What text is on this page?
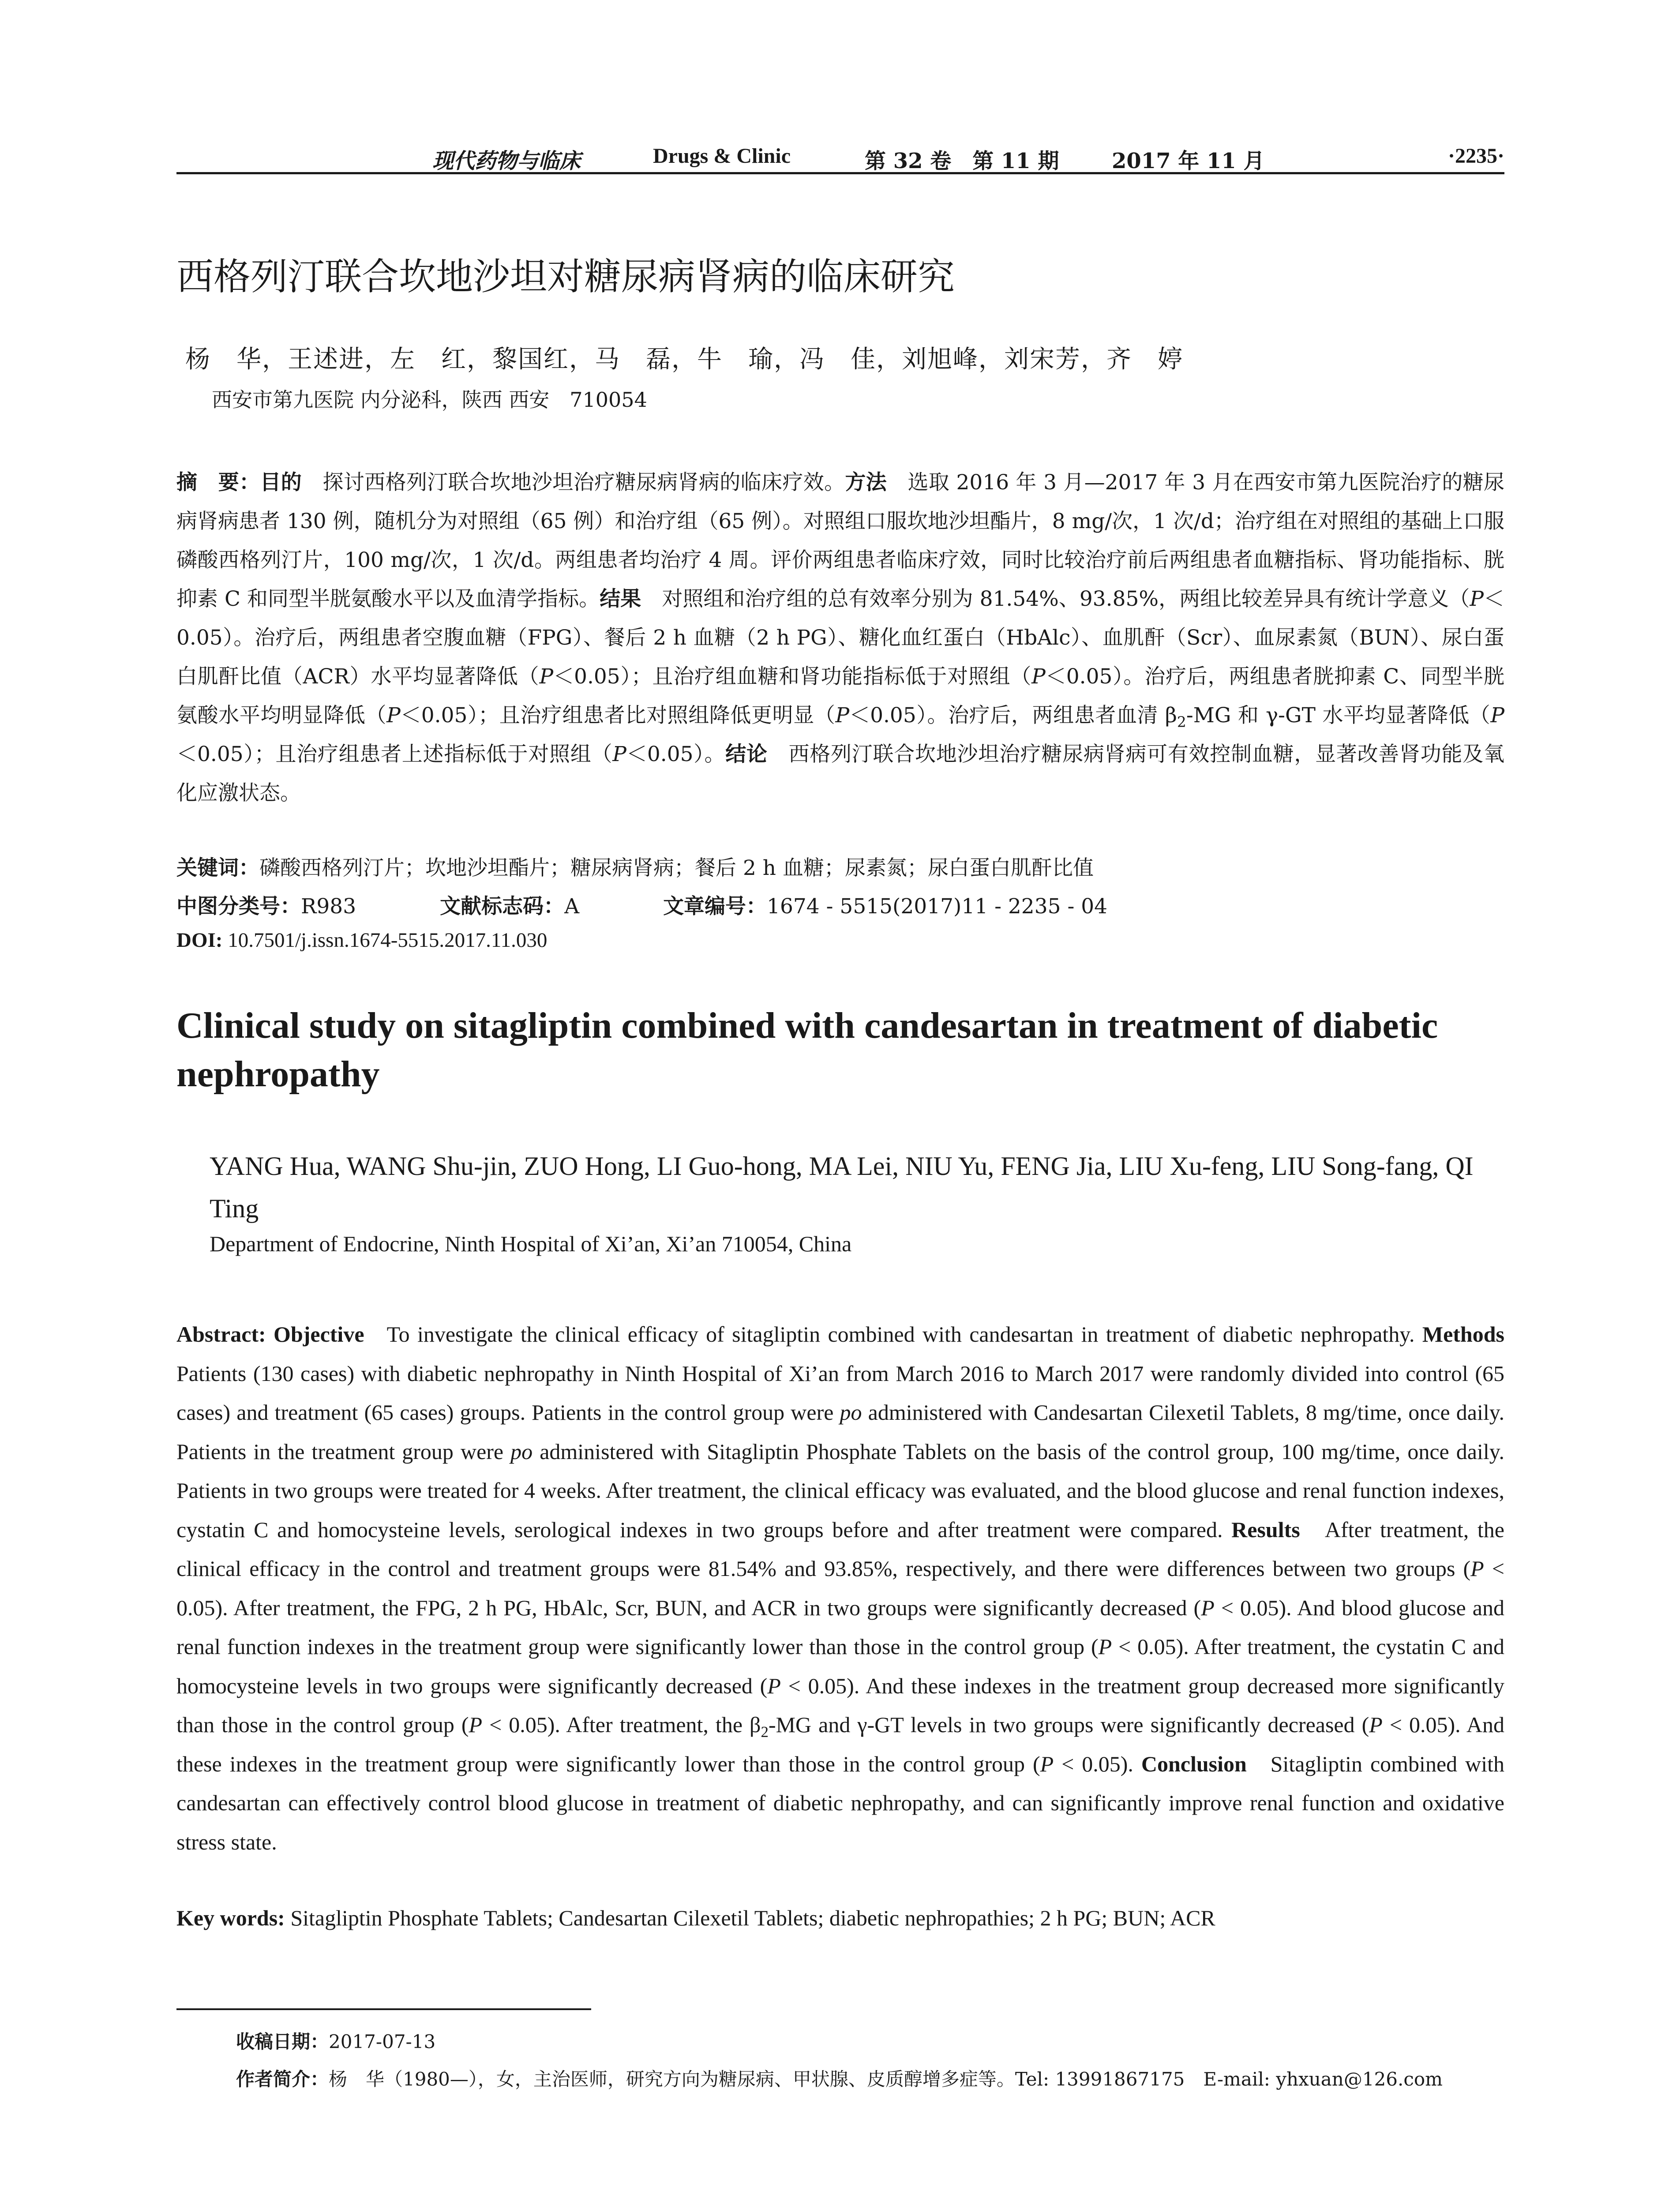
现代药物与临床	Drugs & Clinic	第 32 卷　第 11 期 2017 年 11 月	·2235·
西格列汀联合坎地沙坦对糖尿病肾病的临床研究
杨　华，王述进，左　红，黎国红，马　磊，牛　瑜，冯　佳，刘旭峰，刘宋芳，齐　婷
西安市第九医院 内分泌科，陕西 西安　710054

摘　要：目的　探讨西格列汀联合坎地沙坦治疗糖尿病肾病的临床疗效。方法　选取 2016 年 3 月—2017 年 3 月在西安市第九医院治疗的糖尿病肾病患者 130 例，随机分为对照组（65 例）和治疗组（65 例）。对照组口服坎地沙坦酯片，8 mg/次，1 次/d；治疗组在对照组的基础上口服磷酸西格列汀片，100 mg/次，1 次/d。两组患者均治疗 4 周。评价两组患者临床疗效，同时比较治疗前后两组患者血糖指标、肾功能指标、胱抑素 C 和同型半胱氨酸水平以及血清学指标。结果　对照组和治疗组的总有效率分别为 81.54%、93.85%，两组比较差异具有统计学意义（P＜0.05）。治疗后，两组患者空腹血糖（FPG）、餐后 2 h 血糖（2 h PG）、糖化血红蛋白（HbAlc）、血肌酐（Scr）、血尿素氮（BUN）、尿白蛋白肌酐比值（ACR）水平均显著降低（P＜0.05）；且治疗组血糖和肾功能指标低于对照组（P＜0.05）。治疗后，两组患者胱抑素 C、同型半胱氨酸水平均明显降低（P＜0.05）；且治疗组患者比对照组降低更明显（P＜0.05）。治疗后，两组患者血清 $\beta_2-MG$ 和 γ-GT 水平均显著降低（P＜0.05）；且治疗组患者上述指标低于对照组（P＜0.05）。结论　西格列汀联合坎地沙坦治疗糖尿病肾病可有效控制血糖，显著改善肾功能及氧化应激状态。

关键词：磷酸西格列汀片；坎地沙坦酯片；糖尿病肾病；餐后 2 h 血糖；尿素氮；尿白蛋白肌酐比值

中图分类号：R983	文献标志码：A	文章编号：1674 - 5515(2017)11 - 2235 - 04

DOI: 10.7501/j.issn.1674-5515.2017.11.030

Clinical study on sitagliptin combined with candesartan in treatment of diabetic nephropathy

YANG Hua, WANG Shu-jin, ZUO Hong, LI Guo-hong, MA Lei, NIU Yu, FENG Jia, LIU Xu-feng, LIU Song-fang, QI Ting

Department of Endocrine, Ninth Hospital of Xi’an, Xi’an 710054, China

Abstract: Objective   To investigate the clinical efficacy of sitagliptin combined with candesartan in treatment of diabetic nephropathy. Methods   Patients (130 cases) with diabetic nephropathy in Ninth Hospital of Xi’an from March 2016 to March 2017 were randomly divided into control (65 cases) and treatment (65 cases) groups. Patients in the control group were po administered with Candesartan Cilexetil Tablets, 8 mg/time, once daily. Patients in the treatment group were po administered with Sitagliptin Phosphate Tablets on the basis of the control group, 100 mg/time, once daily. Patients in two groups were treated for 4 weeks. After treatment, the clinical efficacy was evaluated, and the blood glucose and renal function indexes, cystatin C and homocysteine levels, serological indexes in two groups before and after treatment were compared. Results   After treatment, the clinical efficacy in the control and treatment groups were 81.54% and 93.85%, respectively, and there were differences between two groups (P < 0.05). After treatment, the FPG, 2 h PG, HbAlc, Scr, BUN, and ACR in two groups were significantly decreased (P < 0.05). And blood glucose and renal function indexes in the treatment group were significantly lower than those in the control group (P < 0.05). After treatment, the cystatin C and homocysteine levels in two groups were significantly decreased (P < 0.05). And these indexes in the treatment group decreased more significantly than those in the control group (P < 0.05). After treatment, the $\beta_2-MG$ and γ-GT levels in two groups were significantly decreased (P < 0.05). And these indexes in the treatment group were significantly lower than those in the control group (P < 0.05). Conclusion   Sitagliptin combined with candesartan can effectively control blood glucose in treatment of diabetic nephropathy, and can significantly improve renal function and oxidative stress state.

Key words: Sitagliptin Phosphate Tablets; Candesartan Cilexetil Tablets; diabetic nephropathies; 2 h PG; BUN; ACR

收稿日期：2017-07-13

作者简介：杨　华（1980—），女，主治医师，研究方向为糖尿病、甲状腺、皮质醇增多症等。Tel: 13991867175　E-mail: yhxuan@126.com
